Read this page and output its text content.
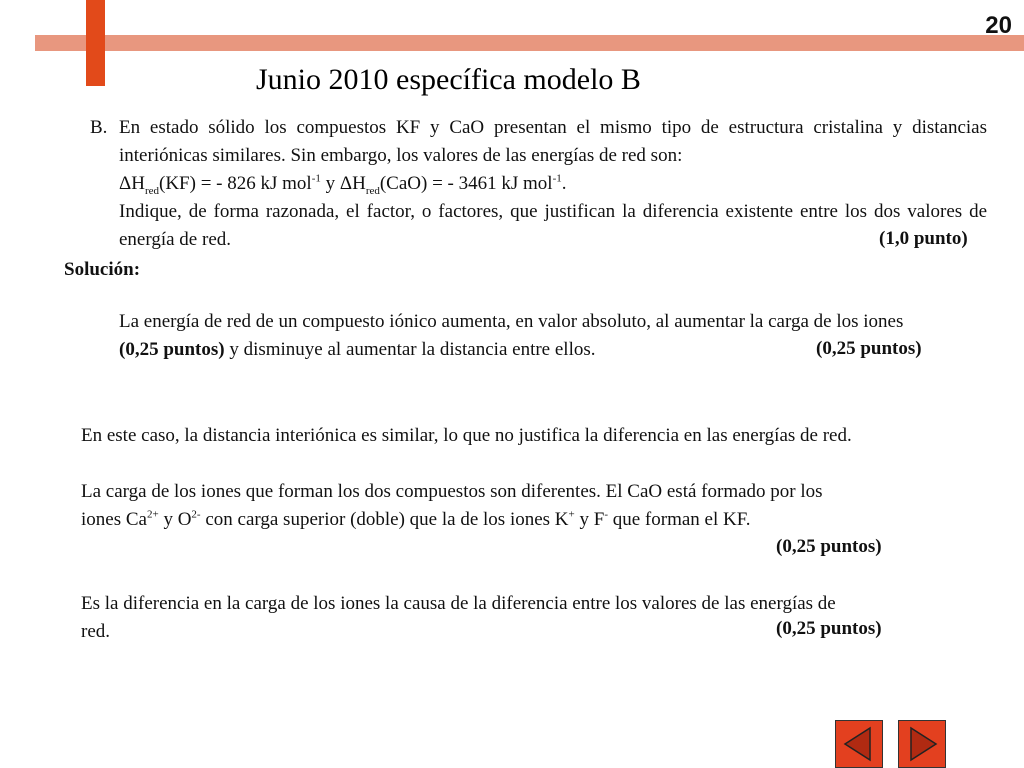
20
Junio 2010 específica modelo B
B. En estado sólido los compuestos KF y CaO presentan el mismo tipo de estructura cristalina y distancias interiónicas similares. Sin embargo, los valores de las energías de red son:

$\Delta H_{red}(KF)$ = - 826 kJ mol$^{-1}$ y $\Delta H_{red}(CaO)$ = - 3461 kJ mol$^{-1}$.

Indique, de forma razonada, el factor, o factores, que justifican la diferencia existente entre los dos valores de energía de red.	(1,0 punto)
Solución:

La energía de red de un compuesto iónico aumenta, en valor absoluto, al aumentar la carga de los iones (0,25 puntos) y disminuye al aumentar la distancia entre ellos.	(0,25 puntos)

En este caso, la distancia interiónica es similar, lo que no justifica la diferencia en las energías de red.

La carga de los iones que forman los dos compuestos son diferentes. El CaO está formado por los
iones $Ca^{2+}$ y $O^{2-}$ con carga superior (doble) que la de los iones K+ y F- que forman el KF.

(0,25 puntos)

Es la diferencia en la carga de los iones la causa de la diferencia entre los valores de las energías de
red.	(0,25 puntos)
